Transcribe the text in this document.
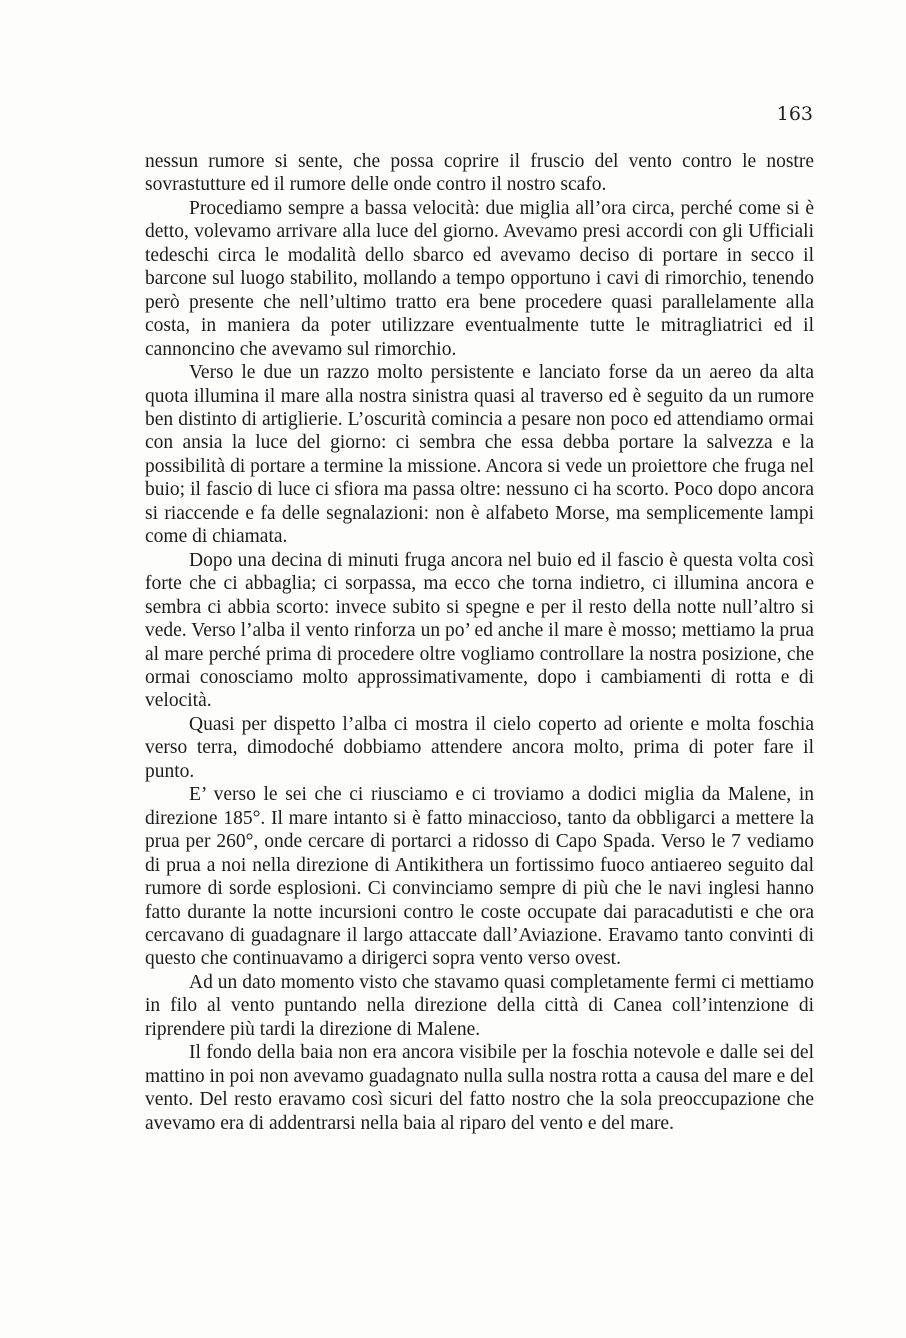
163

nessun rumore si sente, che possa coprire il fruscio del vento contro le nostre sovrastutture ed il rumore delle onde contro il nostro scafo.

Procediamo sempre a bassa velocità: due miglia all’ora circa, perché come si è detto, volevamo arrivare alla luce del giorno. Avevamo presi accordi con gli Ufficiali tedeschi circa le modalità dello sbarco ed avevamo deciso di portare in secco il barcone sul luogo stabilito, mollando a tempo opportuno i cavi di rimorchio, tenendo però presente che nell’ultimo tratto era bene procedere quasi parallelamente alla costa, in maniera da poter utilizzare eventualmente tutte le mitragliatrici ed il cannoncino che avevamo sul rimorchio.

Verso le due un razzo molto persistente e lanciato forse da un aereo da alta quota illumina il mare alla nostra sinistra quasi al traverso ed è seguito da un rumore ben distinto di artiglierie. L’oscurità comincia a pesare non poco ed attendiamo ormai con ansia la luce del giorno: ci sembra che essa debba portare la salvezza e la possibilità di portare a termine la missione. Ancora si vede un proiettore che fruga nel buio; il fascio di luce ci sfiora ma passa oltre: nessuno ci ha scorto. Poco dopo ancora si riaccende e fa delle segnalazioni: non è alfabeto Morse, ma semplicemente lampi come di chiamata.

Dopo una decina di minuti fruga ancora nel buio ed il fascio è questa volta così forte che ci abbaglia; ci sorpassa, ma ecco che torna indietro, ci illumina ancora e sembra ci abbia scorto: invece subito si spegne e per il resto della notte null’altro si vede. Verso l’alba il vento rinforza un po’ ed anche il mare è mosso; mettiamo la prua al mare perché prima di procedere oltre vogliamo controllare la nostra posizione, che ormai conosciamo molto approssimativamente, dopo i cambiamenti di rotta e di velocità.

Quasi per dispetto l’alba ci mostra il cielo coperto ad oriente e molta foschia verso terra, dimodoché dobbiamo attendere ancora molto, prima di poter fare il punto.

E’ verso le sei che ci riusciamo e ci troviamo a dodici miglia da Malene, in direzione 185°. Il mare intanto si è fatto minaccioso, tanto da obbligarci a mettere la prua per 260°, onde cercare di portarci a ridosso di Capo Spada. Verso le 7 vediamo di prua a noi nella direzione di Antikithera un fortissimo fuoco antiaereo seguito dal rumore di sorde esplosioni. Ci convinciamo sempre di più che le navi inglesi hanno fatto durante la notte incursioni contro le coste occupate dai paracadutisti e che ora cercavano di guadagnare il largo attaccate dall’Aviazione. Eravamo tanto convinti di questo che continuavamo a dirigerci sopra vento verso ovest.

Ad un dato momento visto che stavamo quasi completamente fermi ci mettiamo in filo al vento puntando nella direzione della città di Canea coll’intenzione di riprendere più tardi la direzione di Malene.

Il fondo della baia non era ancora visibile per la foschia notevole e dalle sei del mattino in poi non avevamo guadagnato nulla sulla nostra rotta a causa del mare e del vento. Del resto eravamo così sicuri del fatto nostro che la sola preoccupazione che avevamo era di addentrarsi nella baia al riparo del vento e del mare.
